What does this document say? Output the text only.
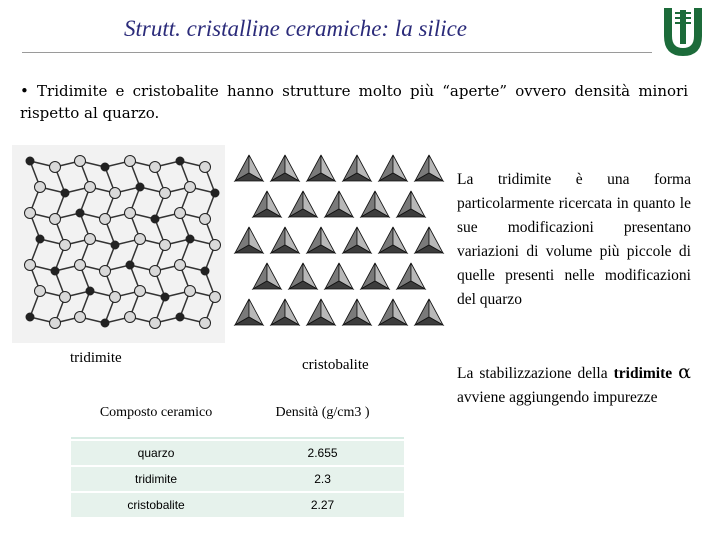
Strutt. cristalline ceramiche: la silice
• Tridimite e cristobalite hanno strutture molto più “aperte” ovvero densità minori rispetto al quarzo.
tridimite	cristobalite
La tridimite è una forma particolarmente ricercata in quanto le sue modificazioni presentano variazioni di volume più piccole di quelle presenti nelle modificazioni del quarzo
La stabilizzazione della tridimite α avviene aggiungendo impurezze
Composto ceramico	Densità (g/cm3 )
quarzo	2.655
tridimite	2.3
cristobalite	2.27
